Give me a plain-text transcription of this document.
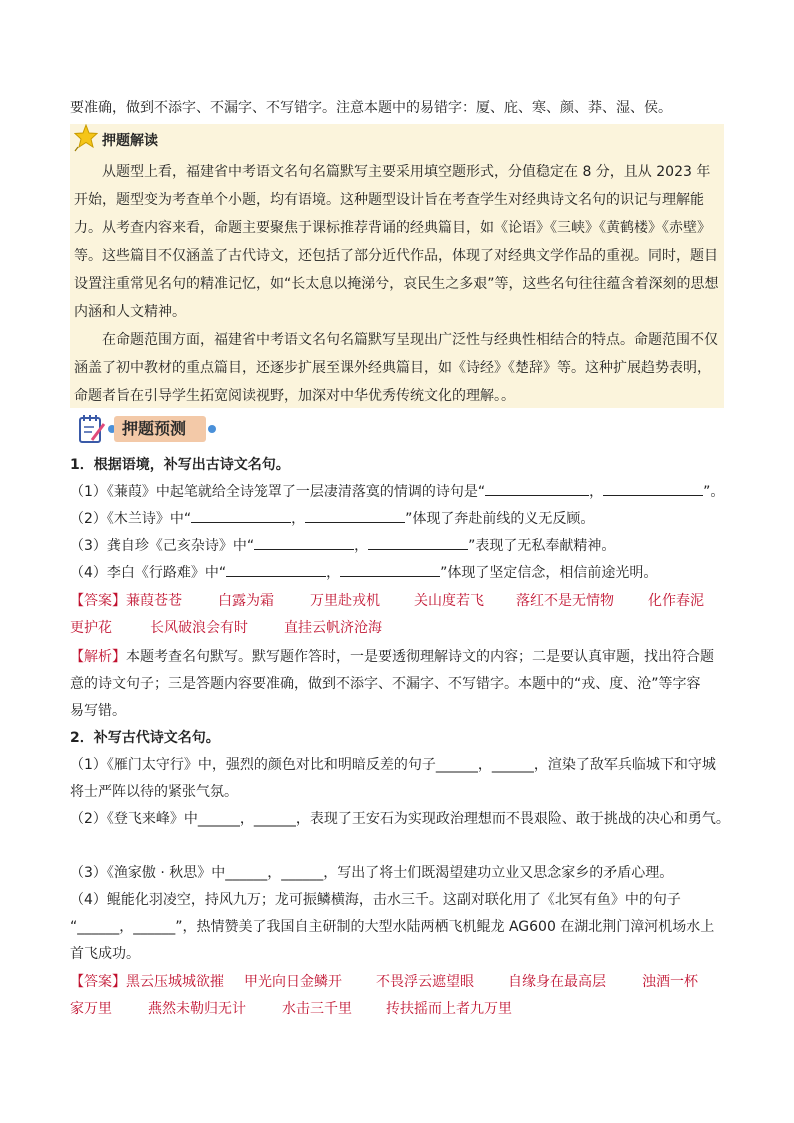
要准确，做到不添字、不漏字、不写错字。注意本题中的易错字：厦、庇、寒、颜、莽、湿、侯。
押题解读
从题型上看，福建省中考语文名句名篇默写主要采用填空题形式，分值稳定在 8 分，且从 2023 年开始，题型变为考查单个小题，均有语境。这种题型设计旨在考查学生对经典诗文名句的识记与理解能力。 从考查内容来看，命题主要聚焦于课标推荐背诵的经典篇目，如《论语》《三峡》《黄鹤楼》《赤壁》等。这些篇目不仅涵盖了古代诗文，还包括了部分近代作品，体现了对经典文学作品的重视。同时，题目设置注重常见名句的精准记忆，如“长太息以掩涕兮，哀民生之多艰”等，这些名句往往蕴含着深刻的思想内涵和人文精神。
在命题范围方面，福建省中考语文名句名篇默写呈现出广泛性与经典性相结合的特点。命题范围不仅涵盖了初中教材的重点篇目，还逐步扩展至课外经典篇目，如《诗经》《楚辞》等。这种扩展趋势表明，命题者旨在引导学生拓宽阅读视野，加深对中华优秀传统文化的理解。。
押题预测
1．根据语境，补写出古诗文名句。
（1）《蒹葭》中起笔就给全诗笼罩了一层凄清落寞的情调的诗句是“	，	”。
（2）《木兰诗》中“	，	”体现了奔赴前线的义无反顾。
（3）龚自珍《己亥杂诗》中“	，	”表现了无私奉献精神。
（4）李白《行路难》中“	，	”体现了坚定信念，相信前途光明。
【答案】蒹葭苍苍	白露为霜	万里赴戎机 关山度若飞 落红不是无情物 化作春泥
更护花	长风破浪会有时	直挂云帆济沧海
【解析】本题考查名句默写。默写题作答时，一是要透彻理解诗文的内容；二是要认真审题，找出符合题
意的诗文句子；三是答题内容要准确，做到不添字、不漏字、不写错字。本题中的“戎、度、沧”等字容
易写错。
2．补写古代诗文名句。
（1）《雁门太守行》中，强烈的颜色对比和明暗反差的句子______，______，渲染了敌军兵临城下和守城
将士严阵以待的紧张气氛。
（2）《登飞来峰》中______，______，表现了王安石为实现政治理想而不畏艰险、敢于挑战的决心和勇气。
（3）《渔家傲 · 秋思》中______，______，写出了将士们既渴望建功立业又思念家乡的矛盾心理。
（4）鲲能化羽凌空，持风九万；龙可振鳞横海，击水三千。这副对联化用了《北冥有鱼》中的句子
“______，______”，热情赞美了我国自主研制的大型水陆两栖飞机鲲龙 AG600 在湖北荆门漳河机场水上
首飞成功。
【答案】黑云压城城欲摧 甲光向日金鳞开 不畏浮云遮望眼 自缘身在最高层	浊酒一杯
家万里	燕然未勒归无计	水击三千里 抟扶摇而上者九万里
